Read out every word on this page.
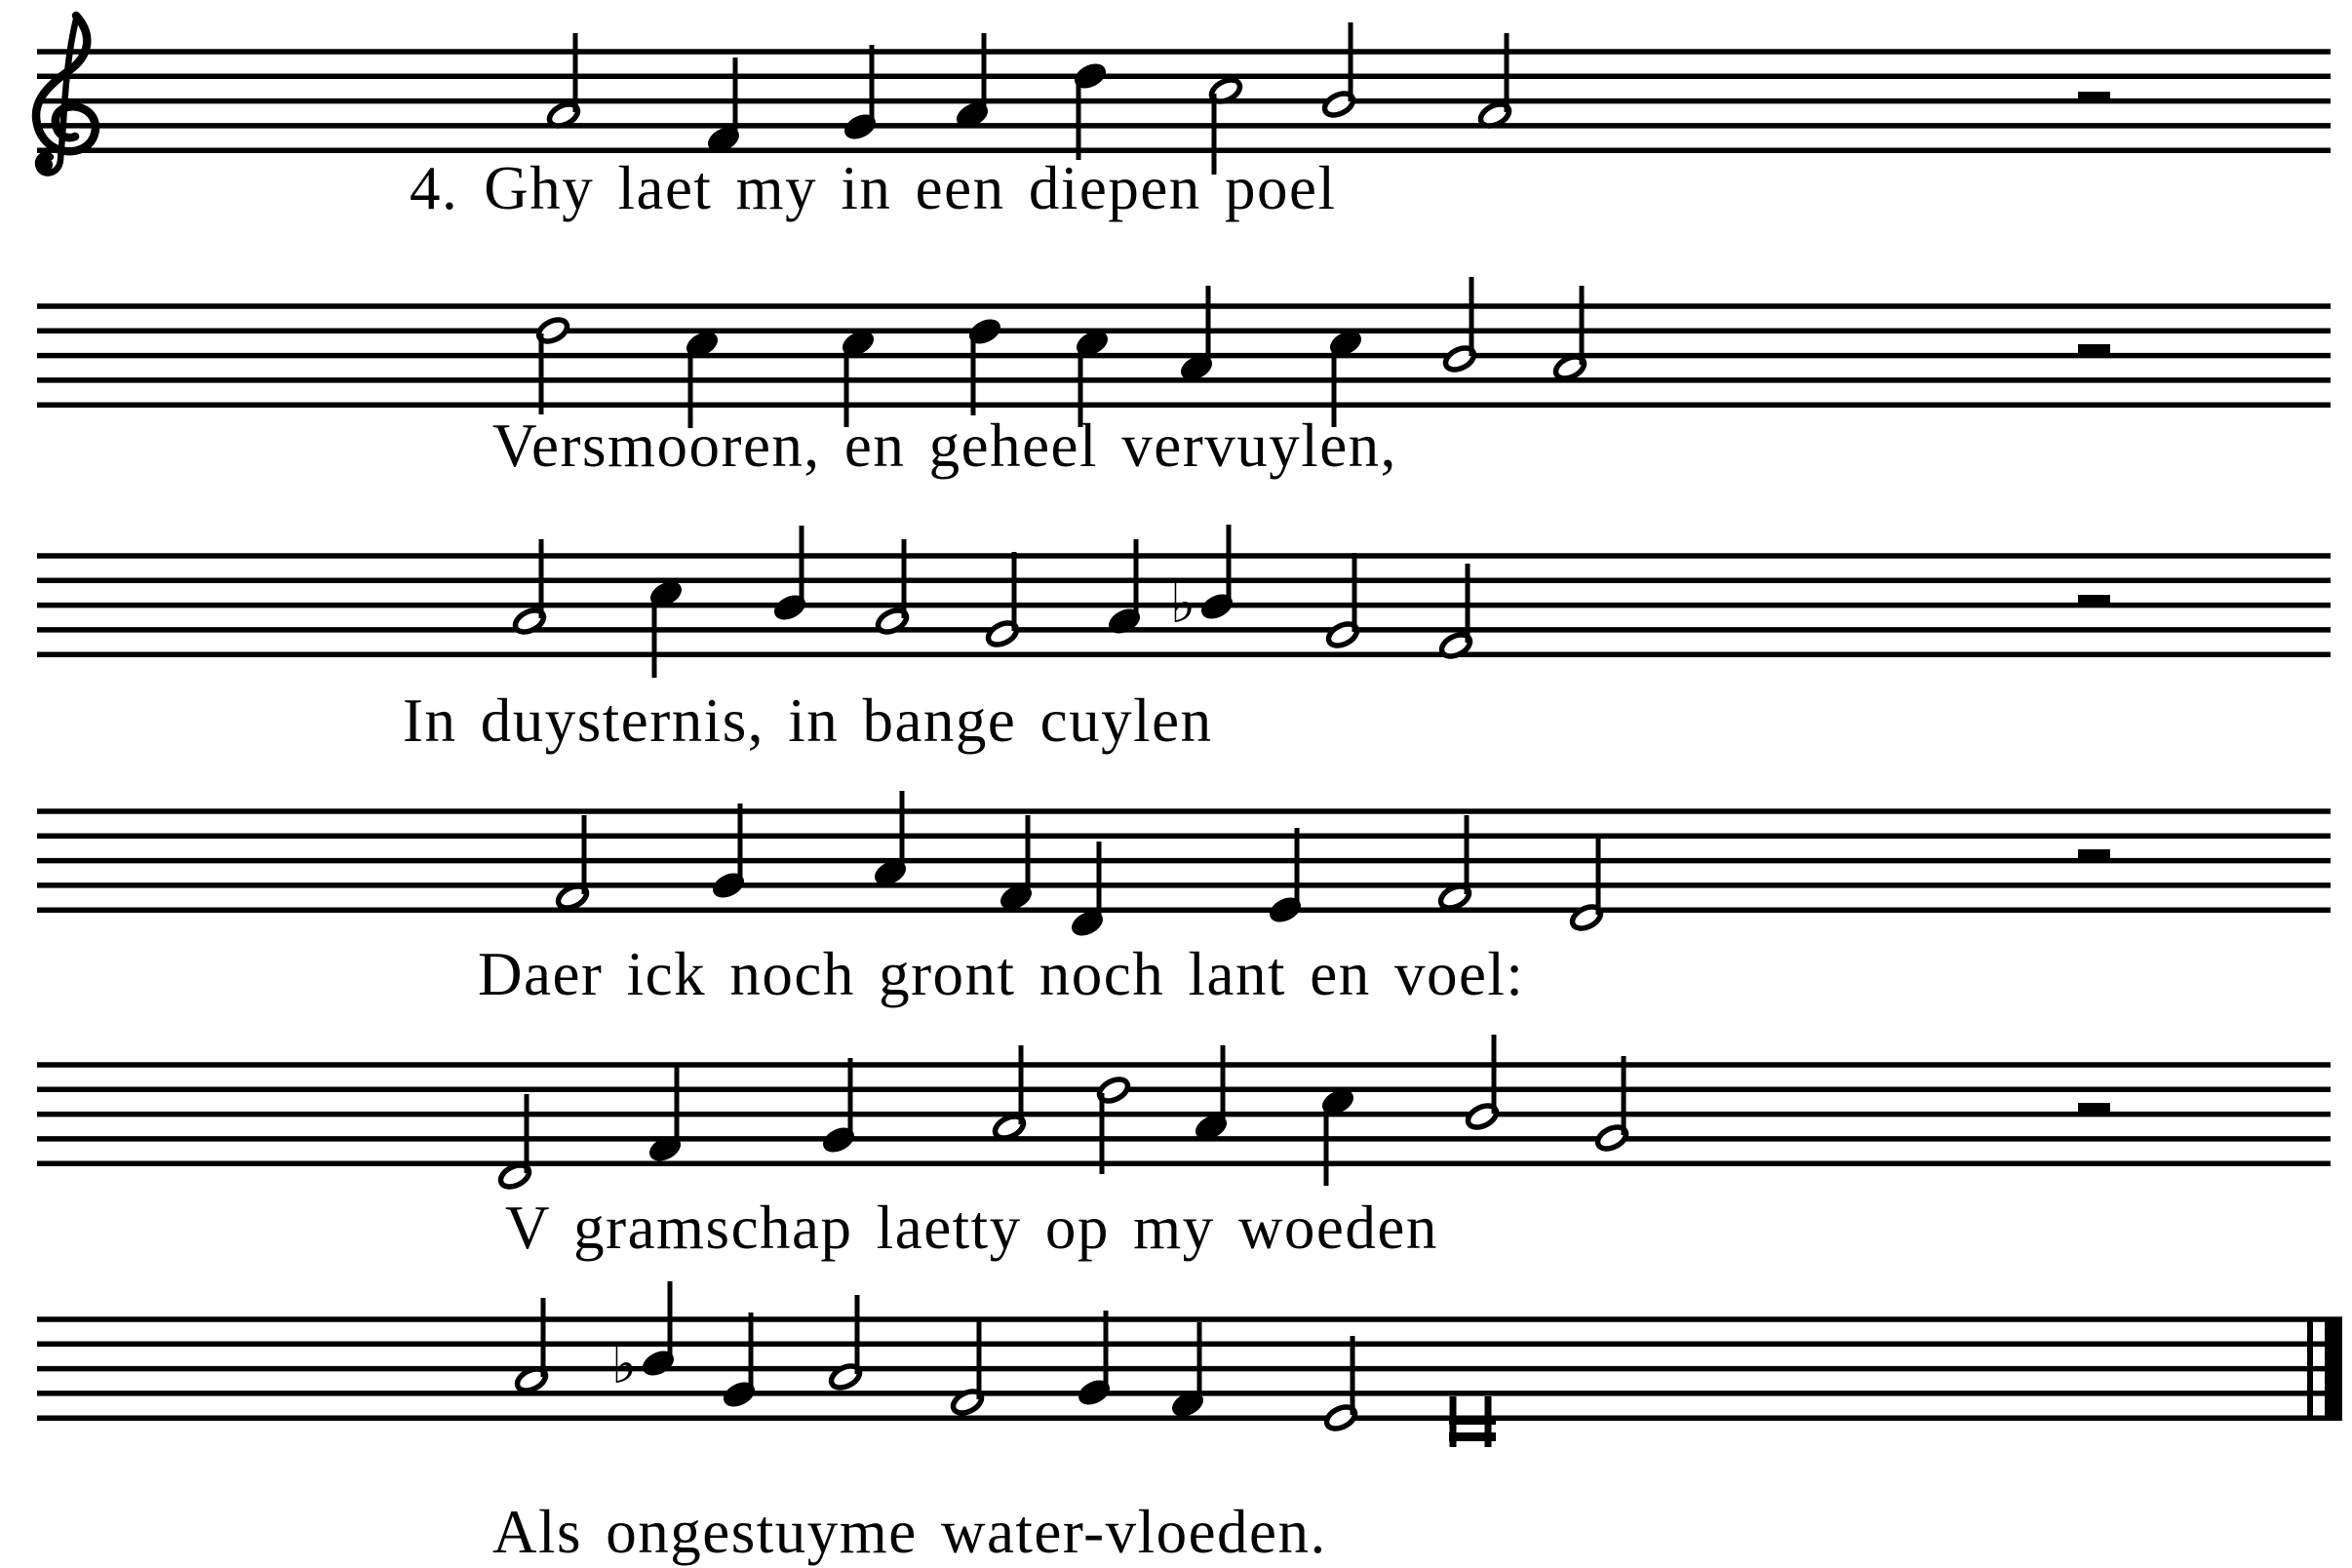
♭
♭
4. Ghy laet my in een diepen poel
Versmooren, en geheel vervuylen,
In duysternis, in bange cuylen
Daer ick noch gront noch lant en voel:
V gramschap laetty op my woeden
Als ongestuyme water-vloeden.
